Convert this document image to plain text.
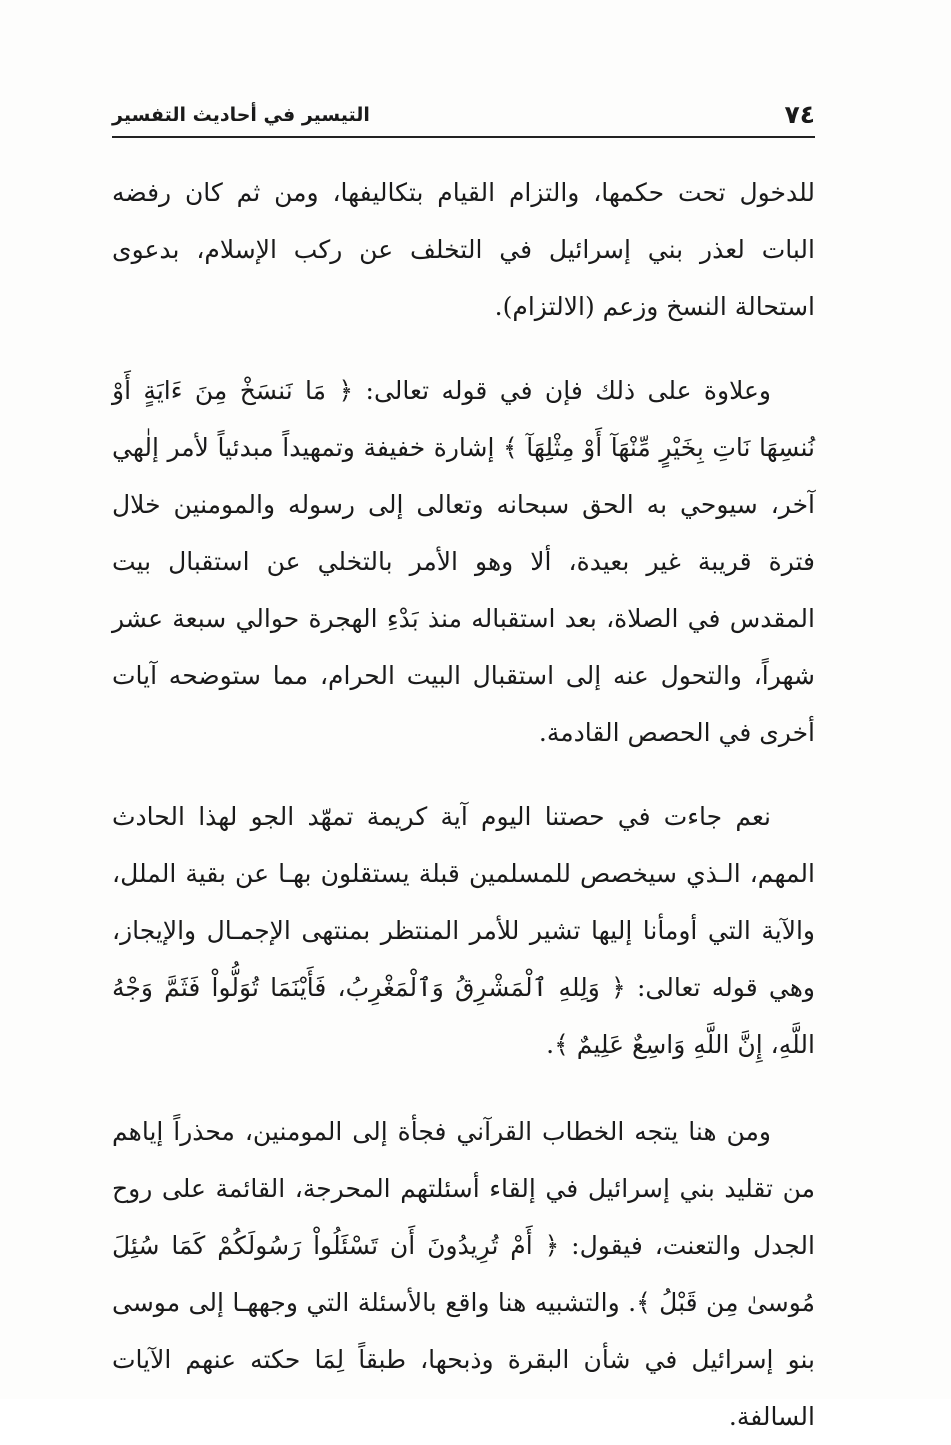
٧٤
التيسير في أحاديث التفسير

للدخول تحت حكمها، والتزام القيام بتكاليفها، ومن ثم كان رفضه البات لعذر بني إسرائيل في التخلف عن ركب الإسلام، بدعوى استحالة النسخ وزعم (الالتزام).

وعلاوة على ذلك فإن في قوله تعالى: ﴿ مَا نَنسَخْ مِنَ ءَايَةٍ أَوْ نُنسِهَا نَاتِ بِخَيْرٍ مِّنْهَآ أَوْ مِثْلِهَآ ﴾ إشارة خفيفة وتمهيداً مبدئياً لأمر إلٰهي آخر، سيوحي به الحق سبحانه وتعالى إلى رسوله والمومنين خلال فترة قريبة غير بعيدة، ألا وهو الأمر بالتخلي عن استقبال بيت المقدس في الصلاة، بعد استقباله منذ بَدْءِ الهجرة حوالي سبعة عشر شهراً، والتحول عنه إلى استقبال البيت الحرام، مما ستوضحه آيات أخرى في الحصص القادمة.

نعم جاءت في حصتنا اليوم آية كريمة تمهّد الجو لهذا الحادث المهم، الـذي سيخصص للمسلمين قبلة يستقلون بهـا عن بقية الملل، والآية التي أومأنا إليها تشير للأمر المنتظر بمنتهى الإجمـال والإيجاز، وهي قوله تعالى: ﴿ وَلِلهِ ٱلْمَشْرِقُ وَٱلْمَغْرِبُ، فَأَيْنَمَا تُوَلُّواْ فَثَمَّ وَجْهُ اللَّهِ، إِنَّ اللَّهِ وَاسِعٌ عَلِيمٌ ﴾.

ومن هنا يتجه الخطاب القرآني فجأة إلى المومنين، محذراً إياهم من تقليد بني إسرائيل في إلقاء أسئلتهم المحرجة، القائمة على روح الجدل والتعنت، فيقول: ﴿ أَمْ تُرِيدُونَ أَن تَسْئَلُواْ رَسُولَكُمْ كَمَا سُئِلَ مُوسىٰ مِن قَبْلُ ﴾. والتشبيه هنا واقع بالأسئلة التي وجههـا إلى موسى بنو إسرائيل في شأن البقرة وذبحها، طبقاً لِمَا حكته عنهم الآيات السالفة.
